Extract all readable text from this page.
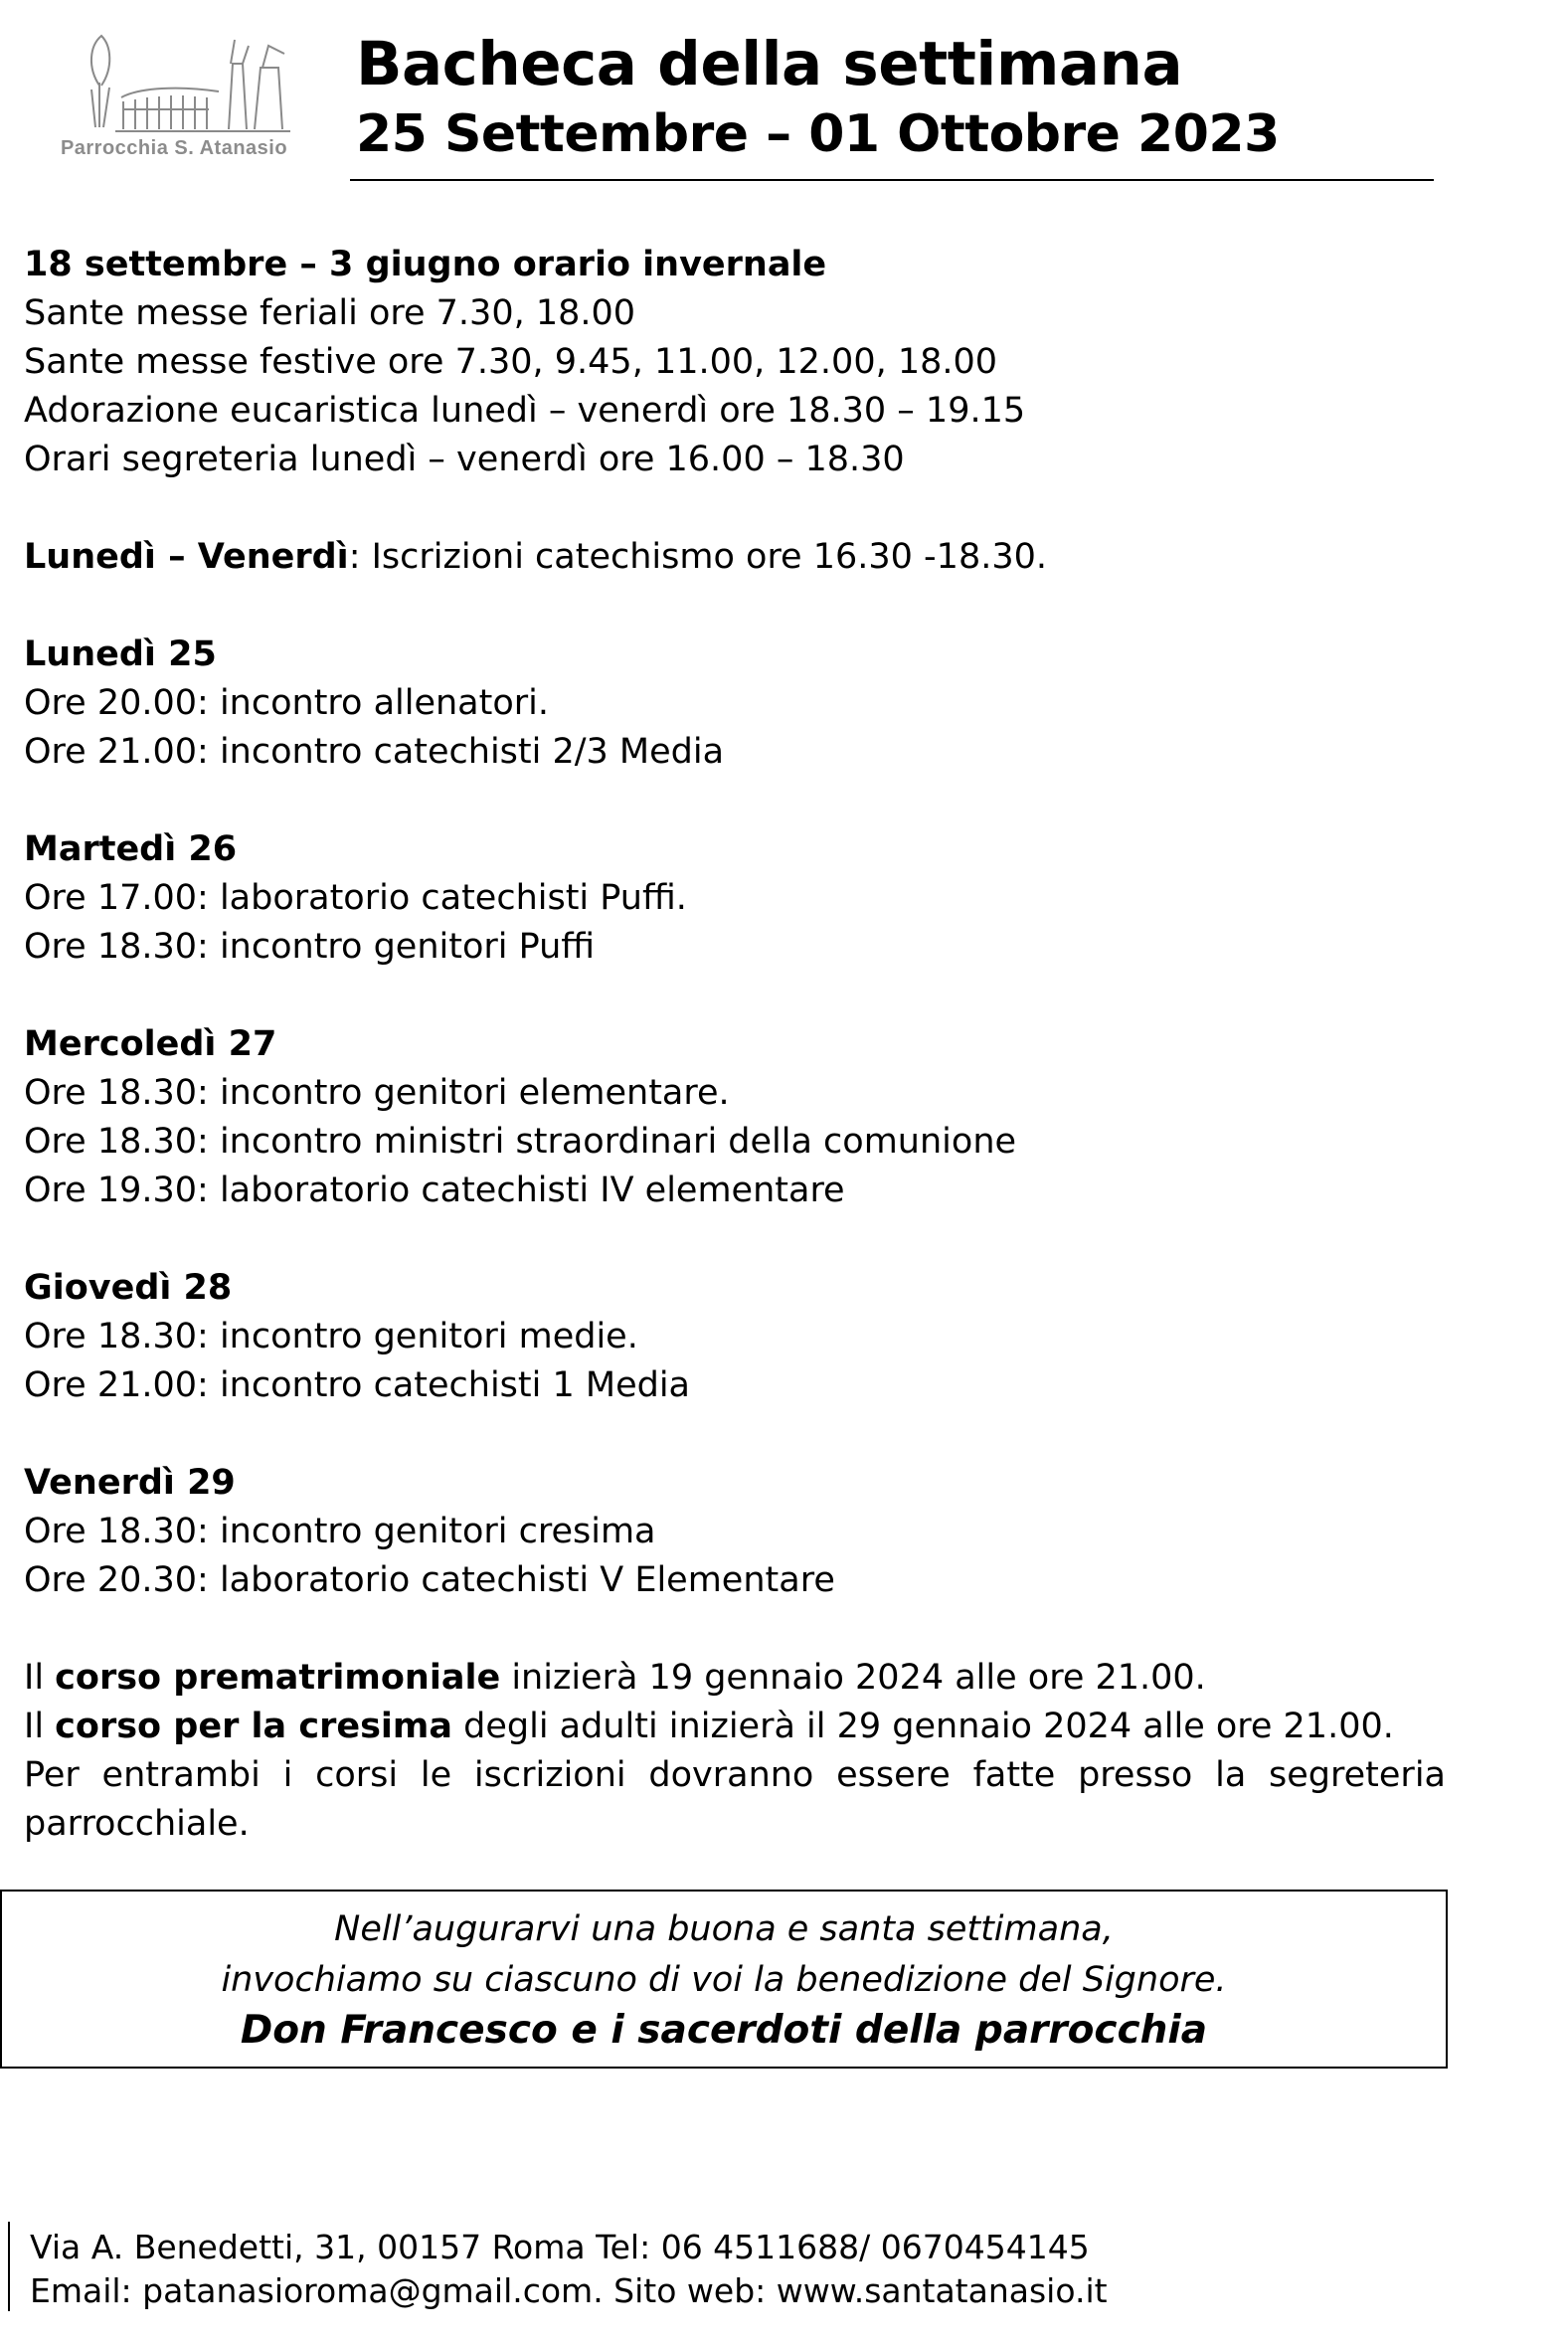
Parrocchia S. Atanasio
Bacheca della settimana
25 Settembre – 01 Ottobre 2023

18 settembre – 3 giugno orario invernale

Sante messe feriali ore 7.30, 18.00

Sante messe festive ore 7.30, 9.45, 11.00, 12.00, 18.00

Adorazione eucaristica lunedì – venerdì ore 18.30 – 19.15

Orari segreteria lunedì – venerdì ore 16.00 – 18.30

Lunedì – Venerdì: Iscrizioni catechismo ore 16.30 -18.30.

Lunedì 25

Ore 20.00: incontro allenatori.

Ore 21.00: incontro catechisti 2/3 Media

Martedì 26

Ore 17.00: laboratorio catechisti Puffi.

Ore 18.30: incontro genitori Puffi

Mercoledì 27

Ore 18.30: incontro genitori elementare.

Ore 18.30: incontro ministri straordinari della comunione

Ore 19.30: laboratorio catechisti IV elementare

Giovedì 28

Ore 18.30: incontro genitori medie.

Ore 21.00: incontro catechisti 1 Media

Venerdì 29

Ore 18.30: incontro genitori cresima

Ore 20.30: laboratorio catechisti V Elementare

Il corso prematrimoniale inizierà 19 gennaio 2024 alle ore 21.00.

Il corso per la cresima degli adulti inizierà il 29 gennaio 2024 alle ore 21.00.

Per entrambi i corsi le iscrizioni dovranno essere fatte presso la segreteria parrocchiale.

Nell’augurarvi una buona e santa settimana,
invochiamo su ciascuno di voi la benedizione del Signore.
Don Francesco e i sacerdoti della parrocchia

Via A. Benedetti, 31, 00157 Roma Tel: 06 4511688/ 0670454145

Email: patanasioroma@gmail.com. Sito web: www.santatanasio.it
